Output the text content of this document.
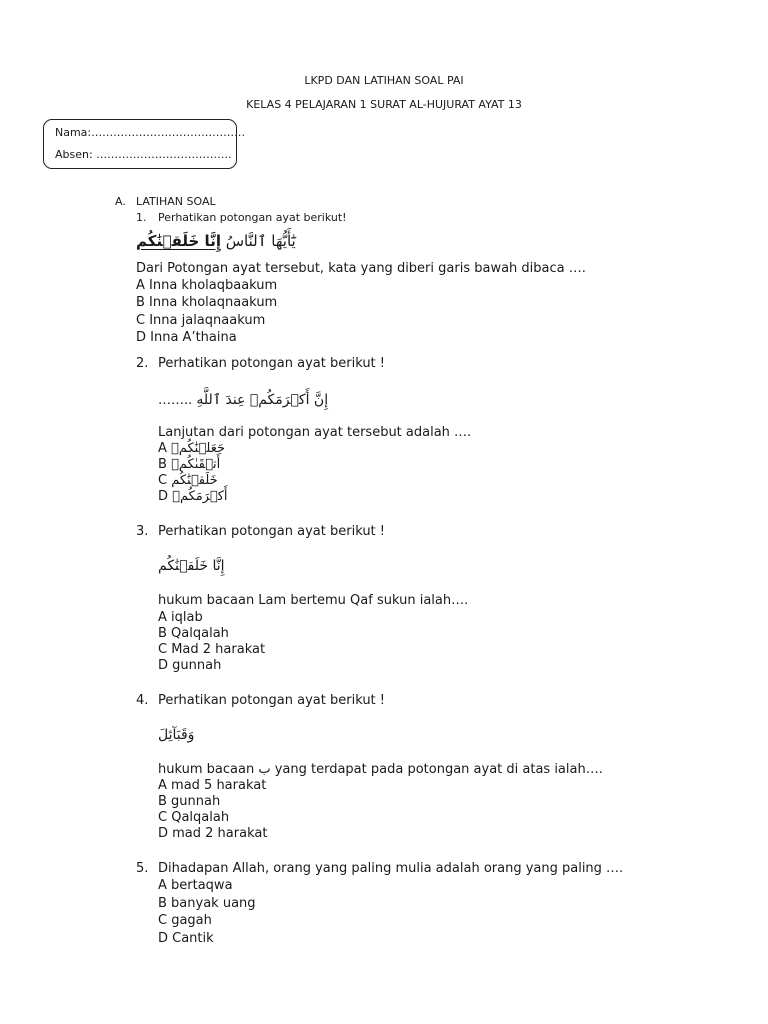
LKPD DAN LATIHAN SOAL PAI
KELAS 4 PELAJARAN 1 SURAT AL-HUJURAT AYAT 13
Nama:……………………………………
Absen: ……………………………….
A. LATIHAN SOAL
1. Perhatikan potongan ayat berikut!
إِنَّا خَلَقۡنَٰكُم يَٰٓأَيُّهَا ٱلنَّاسُ
Dari Potongan ayat tersebut, kata yang diberi garis bawah dibaca ….
A Inna kholaqbaakum
B Inna kholaqnaakum
C Inna jalaqnaakum
D Inna A’thaina
2. Perhatikan potongan ayat berikut !
…….. إِنَّ أَكۡرَمَكُمۡ عِندَ ٱللَّهِ
Lanjutan dari potongan ayat tersebut adalah ….
A جَعَلۡنَٰكُمۡ
B أَتۡقَىٰكُمۡ
C خَلَقۡنَٰكُم
D أَكۡرَمَكُمۡ
3. Perhatikan potongan ayat berikut !
إِنَّا خَلَقۡنَٰكُم
hukum bacaan Lam bertemu Qaf sukun ialah….
A iqlab
B Qalqalah
C Mad 2 harakat
D gunnah
4. Perhatikan potongan ayat berikut !
وَقَبَآئِلَ
hukum bacaan ب yang terdapat pada potongan ayat di atas ialah….
A mad 5 harakat
B gunnah
C Qalqalah
D mad 2 harakat
5. Dihadapan Allah, orang yang paling mulia adalah orang yang paling ….
A bertaqwa
B banyak uang
C gagah
D Cantik
